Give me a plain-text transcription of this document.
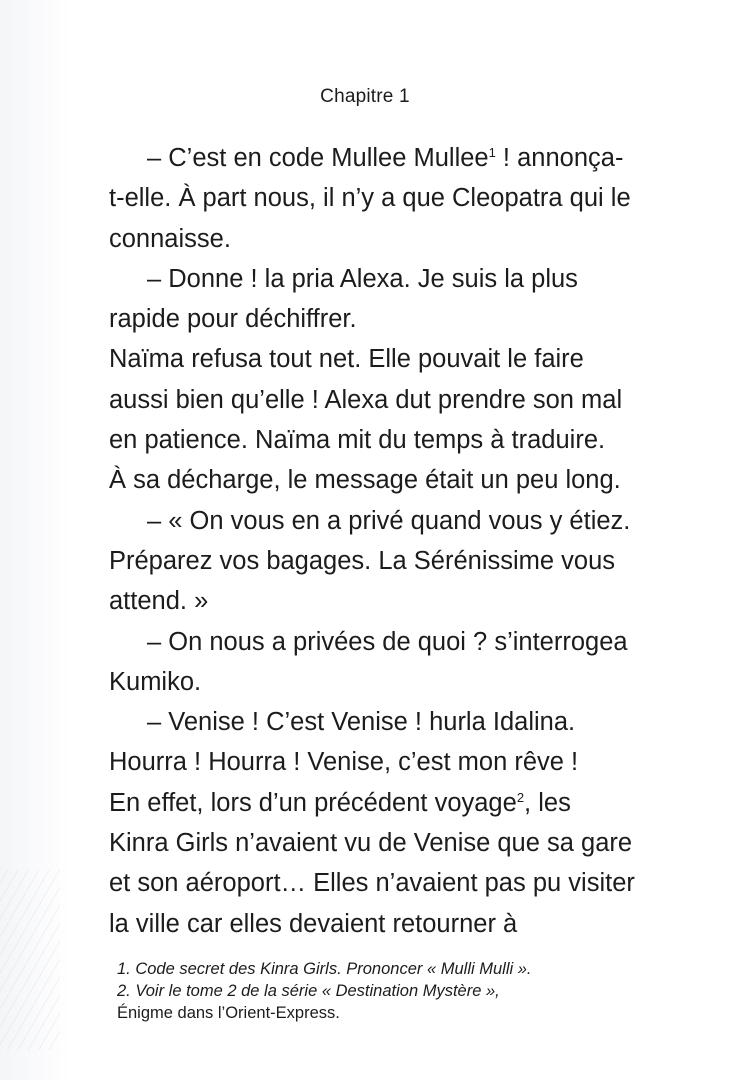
Chapitre 1
– C’est en code Mullee Mullee$^1$ ! annonça-
t-elle. À part nous, il n’y a que Cleopatra qui le
connaisse.
– Donne ! la pria Alexa. Je suis la plus
rapide pour déchiffrer.
Naïma refusa tout net. Elle pouvait le faire
aussi bien qu’elle ! Alexa dut prendre son mal
en patience. Naïma mit du temps à traduire.
À sa décharge, le message était un peu long.
– « On vous en a privé quand vous y étiez.
Préparez vos bagages. La Sérénissime vous
attend. »
– On nous a privées de quoi ? s’interrogea
Kumiko.
– Venise ! C’est Venise ! hurla Idalina.
Hourra ! Hourra ! Venise, c’est mon rêve !
En effet, lors d’un précédent voyage$^2$, les
Kinra Girls n’avaient vu de Venise que sa gare
et son aéroport… Elles n’avaient pas pu visiter
la ville car elles devaient retourner à
1. Code secret des Kinra Girls. Prononcer « Mulli Mulli ».
2. Voir le tome 2 de la série « Destination Mystère »,
Énigme dans l’Orient-Express.
